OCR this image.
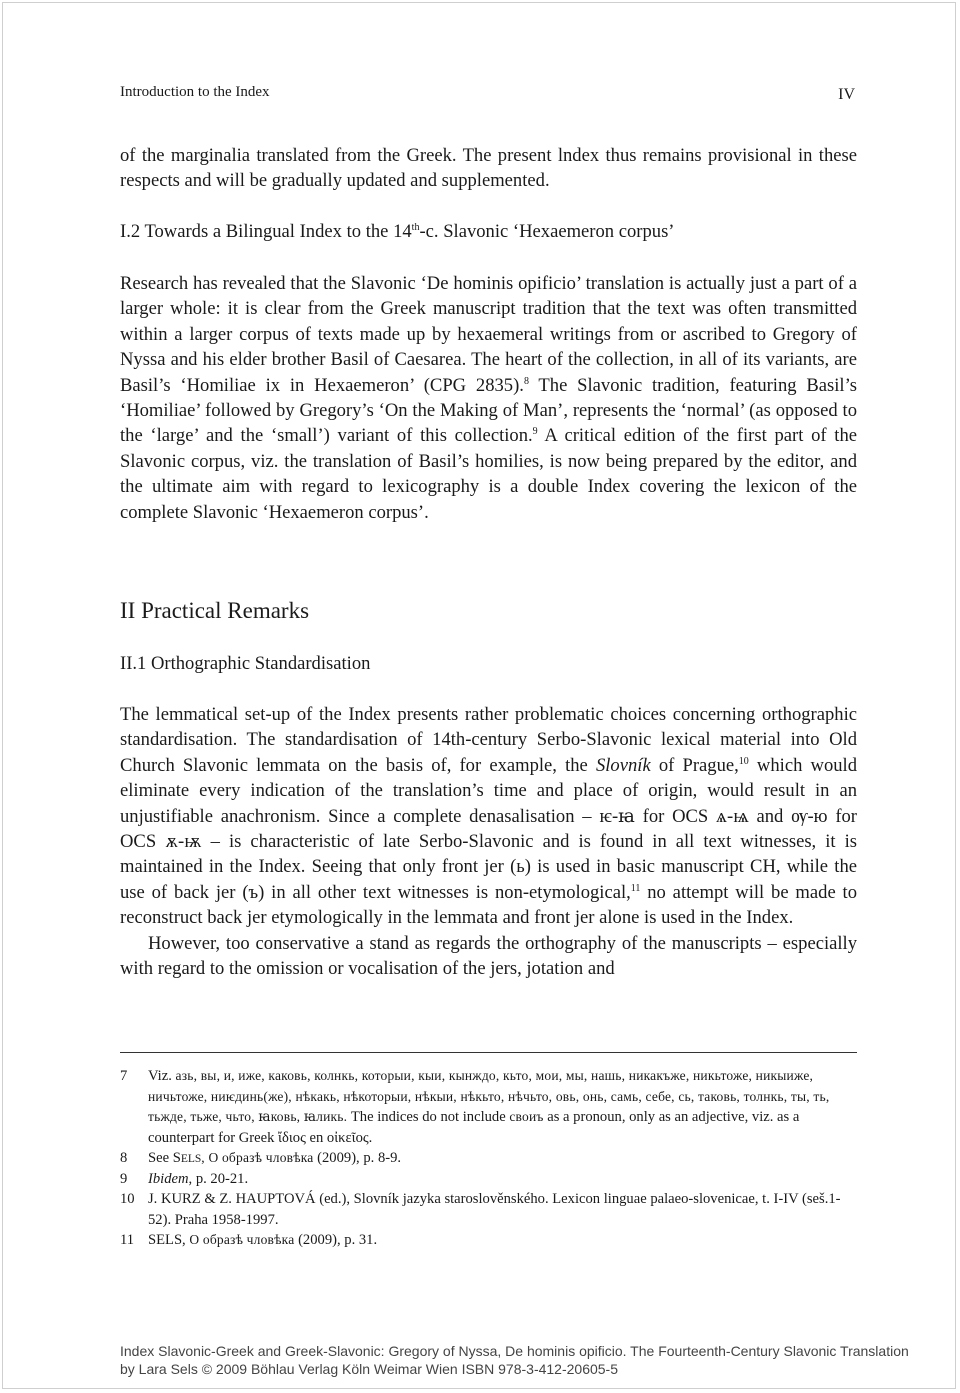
Introduction to the Index	IV

of the marginalia translated from the Greek. The present lndex thus remains provisional in these respects and will be gradually updated and supplemented.

I.2 Towards a Bilingual Index to the 14th-c. Slavonic ‘Hexaemeron corpus’

Research has revealed that the Slavonic ‘De hominis opificio’ translation is actually just a part of a larger whole: it is clear from the Greek manuscript tradition that the text was often transmitted within a larger corpus of texts made up by hexaemeral writings from or ascribed to Gregory of Nyssa and his elder brother Basil of Caesarea. The heart of the collection, in all of its variants, are Basil’s ‘Homiliae ix in Hexaemeron’ (CPG 2835).$^8$ The Slavonic tradition, featuring Basil’s ‘Homiliae’ followed by Gregory’s ‘On the Making of Man’, represents the ‘normal’ (as opposed to the ‘large’ and the ‘small’) variant of this collection.$^9$ A critical edition of the first part of the Slavonic corpus, viz. the translation of Basil’s homilies, is now being prepared by the editor, and the ultimate aim with regard to lexicography is a double Index covering the lexicon of the complete Slavonic ‘Hexaemeron corpus’.

II Practical Remarks

II.1 Orthographic Standardisation

The lemmatical set-up of the Index presents rather problematic choices concerning orthographic standardisation. The standardisation of 14th-century Serbo-Slavonic lexical material into Old Church Slavonic lemmata on the basis of, for example, the Slovník of Prague,$^{10}$ which would eliminate every indication of the translation’s time and place of origin, would result in an unjustifiable anachronism. Since a complete denasalisation – ѥ-ꙗ for OCS ѧ-ѩ and ѹ-ю for OCS ѫ-ѭ – is characteristic of late Serbo-Slavonic and is found in all text witnesses, it is maintained in the Index. Seeing that only front jer (ь) is used in basic manuscript CH, while the use of back jer (ъ) in all other text witnesses is non-etymological,$^{11}$ no attempt will be made to reconstruct back jer etymologically in the lemmata and front jer alone is used in the Index.

However, too conservative a stand as regards the orthography of the manuscripts – especially with regard to the omission or vocalisation of the jers, jotation and

7	Viz. азь, вы, и, иже, каковь, колнкь, которыи, кыи, кынждо, кьто, мои, мы, нашь, никакъже, никьтоже, никыиже, ничьтоже, ниѥдинь(же), нѣкакь, нѣкоторыи, нѣкыи, нѣкьто, нѣчьто, овь, онь, самь, себе, сь, таковь, толнкь, ты, ть, тьжде, тьже, чьто, ꙗковь, ꙗликь. The indices do not include своиъ as a pronoun, only as an adjective, viz. as a counterpart for Greek ἴδιος en οἰκεῖος.
8	See SELS, О образѣ чловѣка (2009), p. 8-9.
9	Ibidem, p. 20-21.
10 J. KURZ & Z. HAUPTOVÁ (ed.), Slovník jazyka staroslověnského. Lexicon linguae palaeo-slovenicae, t. I-IV (seš.1-52). Praha 1958-1997.
11 SELS, О образѣ чловѣка (2009), p. 31.
Index Slavonic-Greek and Greek-Slavonic: Gregory of Nyssa, De hominis opificio. The Fourteenth-Century Slavonic Translation
by Lara Sels © 2009 Böhlau Verlag Köln Weimar Wien ISBN 978-3-412-20605-5
